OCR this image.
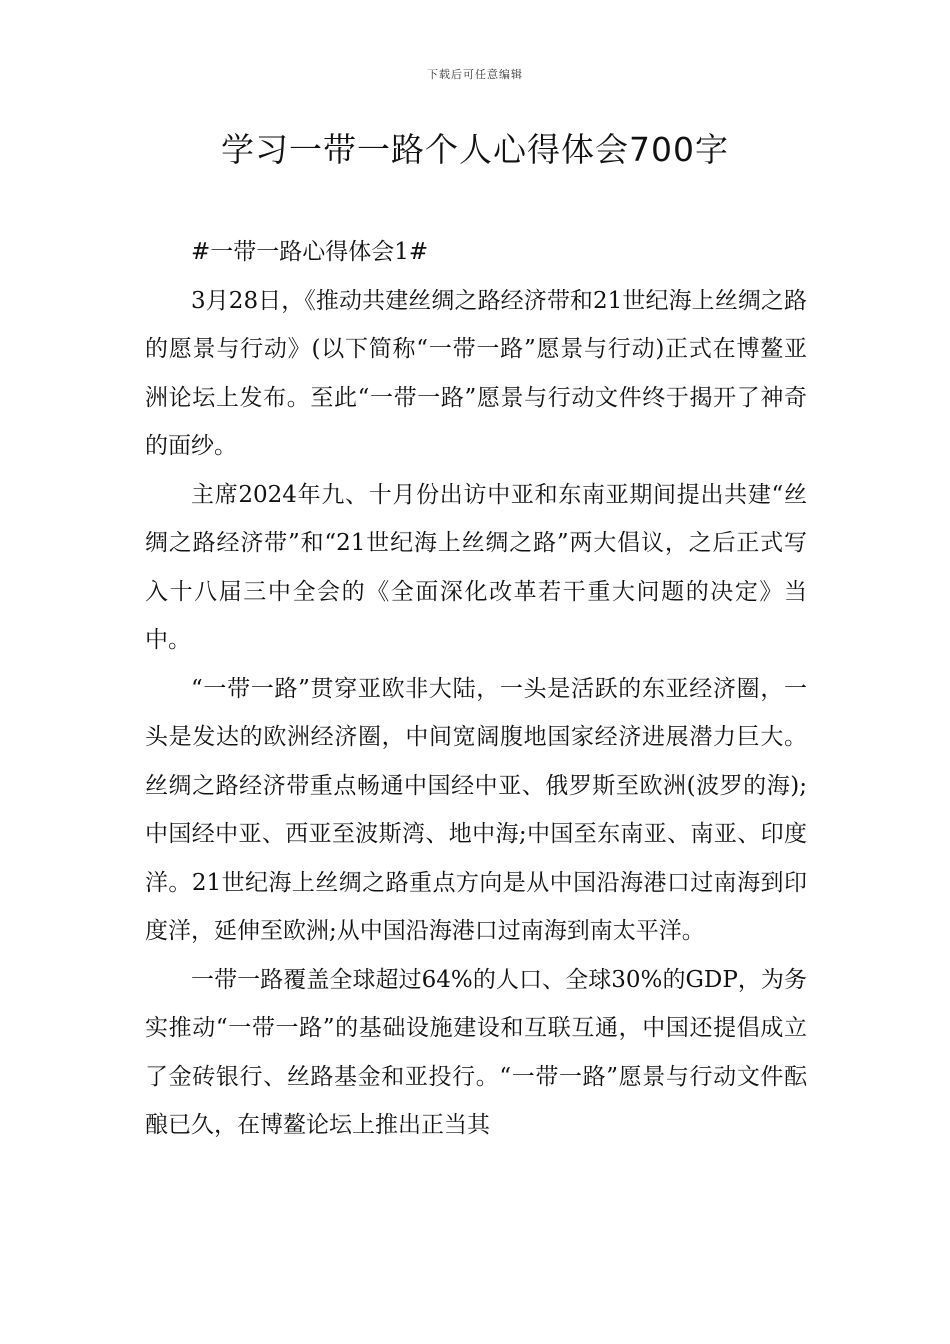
下载后可任意编辑
学习一带一路个人心得体会700字

#一带一路心得体会1#

3月28日，《推动共建丝绸之路经济带和21世纪海上丝绸之路的愿景与行动》(以下简称“一带一路”愿景与行动)正式在博鳌亚洲论坛上发布。至此“一带一路”愿景与行动文件终于揭开了神奇的面纱。

主席2024年九、十月份出访中亚和东南亚期间提出共建“丝绸之路经济带”和“21世纪海上丝绸之路”两大倡议，之后正式写入十八届三中全会的《全面深化改革若干重大问题的决定》当中。

“一带一路”贯穿亚欧非大陆，一头是活跃的东亚经济圈，一头是发达的欧洲经济圈，中间宽阔腹地国家经济进展潜力巨大。丝绸之路经济带重点畅通中国经中亚、俄罗斯至欧洲(波罗的海);中国经中亚、西亚至波斯湾、地中海;中国至东南亚、南亚、印度洋。21世纪海上丝绸之路重点方向是从中国沿海港口过南海到印度洋，延伸至欧洲;从中国沿海港口过南海到南太平洋。

一带一路覆盖全球超过64%的人口、全球30%的GDP，为务实推动“一带一路”的基础设施建设和互联互通，中国还提倡成立了金砖银行、丝路基金和亚投行。“一带一路”愿景与行动文件酝酿已久，在博鳌论坛上推出正当其
